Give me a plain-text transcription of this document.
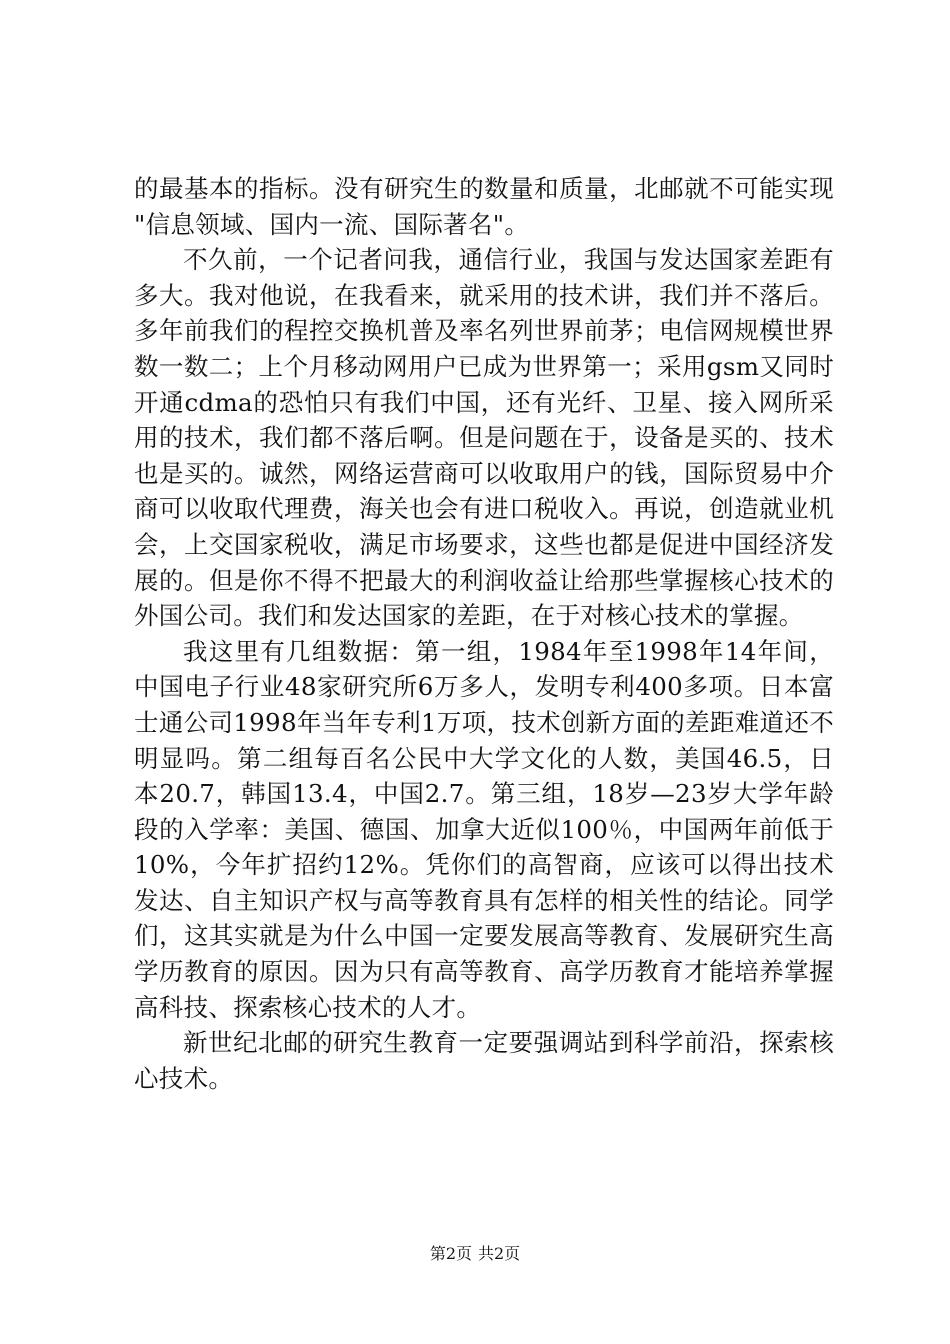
的最基本的指标。没有研究生的数量和质量，北邮就不可能实现"信息领域、国内一流、国际著名"。

不久前，一个记者问我，通信行业，我国与发达国家差距有多大。我对他说，在我看来，就采用的技术讲，我们并不落后。多年前我们的程控交换机普及率名列世界前茅；电信网规模世界数一数二；上个月移动网用户已成为世界第一；采用gsm又同时开通cdma的恐怕只有我们中国，还有光纤、卫星、接入网所采用的技术，我们都不落后啊。但是问题在于，设备是买的、技术也是买的。诚然，网络运营商可以收取用户的钱，国际贸易中介商可以收取代理费，海关也会有进口税收入。再说，创造就业机会，上交国家税收，满足市场要求，这些也都是促进中国经济发展的。但是你不得不把最大的利润收益让给那些掌握核心技术的外国公司。我们和发达国家的差距，在于对核心技术的掌握。

我这里有几组数据：第一组，1984年至1998年14年间，中国电子行业48家研究所6万多人，发明专利400多项。日本富士通公司1998年当年专利1万项，技术创新方面的差距难道还不明显吗。第二组每百名公民中大学文化的人数，美国46.5，日本20.7，韩国13.4，中国2.7。第三组，18岁—23岁大学年龄段的入学率：美国、德国、加拿大近似100％，中国两年前低于10%，今年扩招约12%。凭你们的高智商，应该可以得出技术发达、自主知识产权与高等教育具有怎样的相关性的结论。同学们，这其实就是为什么中国一定要发展高等教育、发展研究生高学历教育的原因。因为只有高等教育、高学历教育才能培养掌握高科技、探索核心技术的人才。

新世纪北邮的研究生教育一定要强调站到科学前沿，探索核心技术。

第2页 共2页
